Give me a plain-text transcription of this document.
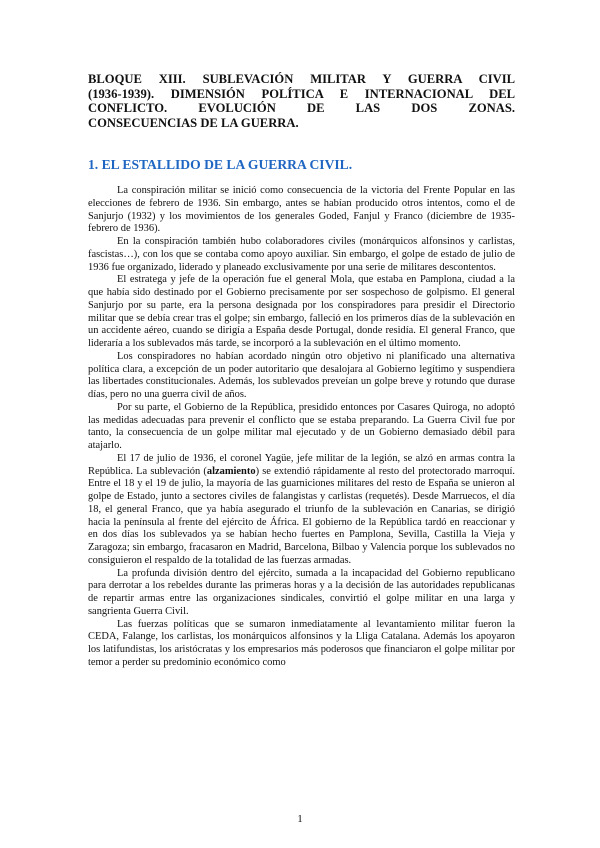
BLOQUE XIII. SUBLEVACIÓN MILITAR Y GUERRA CIVIL
(1936-1939). DIMENSIÓN POLÍTICA E INTERNACIONAL DEL
CONFLICTO. EVOLUCIÓN DE LAS DOS ZONAS.
CONSECUENCIAS DE LA GUERRA.
1. EL ESTALLIDO DE LA GUERRA CIVIL.

La conspiración militar se inició como consecuencia de la victoria del Frente Popular en las elecciones de febrero de 1936. Sin embargo, antes se habían producido otros intentos, como el de Sanjurjo (1932) y los movimientos de los generales Goded, Fanjul y Franco (diciembre de 1935-febrero de 1936).

En la conspiración también hubo colaboradores civiles (monárquicos alfonsinos y carlistas, fascistas…), con los que se contaba como apoyo auxiliar. Sin embargo, el golpe de estado de julio de 1936 fue organizado, liderado y planeado exclusivamente por una serie de militares descontentos.

El estratega y jefe de la operación fue el general Mola, que estaba en Pamplona, ciudad a la que había sido destinado por el Gobierno precisamente por ser sospechoso de golpismo. El general Sanjurjo por su parte, era la persona designada por los conspiradores para presidir el Directorio militar que se debía crear tras el golpe; sin embargo, falleció en los primeros días de la sublevación en un accidente aéreo, cuando se dirigía a España desde Portugal, donde residía. El general Franco, que lideraría a los sublevados más tarde, se incorporó a la sublevación en el último momento.

Los conspiradores no habían acordado ningún otro objetivo ni planificado una alternativa política clara, a excepción de un poder autoritario que desalojara al Gobierno legítimo y suspendiera las libertades constitucionales. Además, los sublevados preveían un golpe breve y rotundo que durase días, pero no una guerra civil de años.

Por su parte, el Gobierno de la República, presidido entonces por Casares Quiroga, no adoptó las medidas adecuadas para prevenir el conflicto que se estaba preparando. La Guerra Civil fue por tanto, la consecuencia de un golpe militar mal ejecutado y de un Gobierno demasiado débil para atajarlo.

El 17 de julio de 1936, el coronel Yagüe, jefe militar de la legión, se alzó en armas contra la República. La sublevación (alzamiento) se extendió rápidamente al resto del protectorado marroquí. Entre el 18 y el 19 de julio, la mayoría de las guarniciones militares del resto de España se unieron al golpe de Estado, junto a sectores civiles de falangistas y carlistas (requetés). Desde Marruecos, el día 18, el general Franco, que ya había asegurado el triunfo de la sublevación en Canarias, se dirigió hacia la península al frente del ejército de África. El gobierno de la República tardó en reaccionar y en dos días los sublevados ya se habían hecho fuertes en Pamplona, Sevilla, Castilla la Vieja y Zaragoza; sin embargo, fracasaron en Madrid, Barcelona, Bilbao y Valencia porque los sublevados no consiguieron el respaldo de la totalidad de las fuerzas armadas.

La profunda división dentro del ejército, sumada a la incapacidad del Gobierno republicano para derrotar a los rebeldes durante las primeras horas y a la decisión de las autoridades republicanas de repartir armas entre las organizaciones sindicales, convirtió el golpe militar en una larga y sangrienta Guerra Civil.

Las fuerzas políticas que se sumaron inmediatamente al levantamiento militar fueron la CEDA, Falange, los carlistas, los monárquicos alfonsinos y la Lliga Catalana. Además los apoyaron los latifundistas, los aristócratas y los empresarios más poderosos que financiaron el golpe militar por temor a perder su predominio económico como

1
